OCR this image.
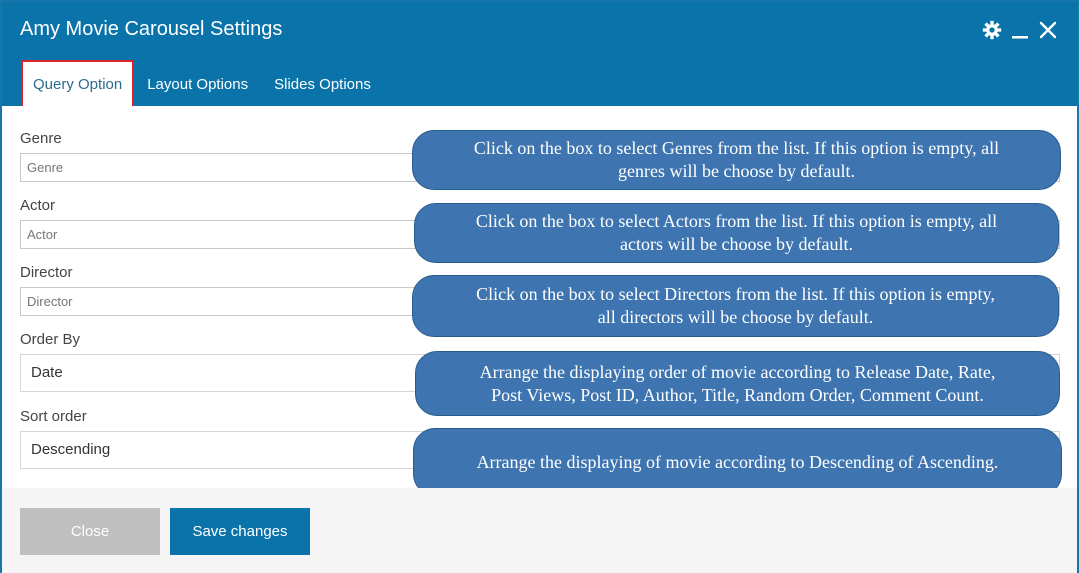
Amy Movie Carousel Settings
Query Option Layout Options Slides Options
Genre
Genre
Actor
Actor
Director
Director
Order By
Date
Sort order
Descending
Click on the box to select Genres from the list. If this option is empty, all genres will be choose by default.
Click on the box to select Actors from the list. If this option is empty, all actors will be choose by default.
Click on the box to select Directors from the list. If this option is empty, all directors will be choose by default.
Arrange the displaying order of movie according to Release Date, Rate, Post Views, Post ID, Author, Title, Random Order, Comment Count.
Arrange the displaying of movie according to Descending of Ascending.
Close	Save changes
